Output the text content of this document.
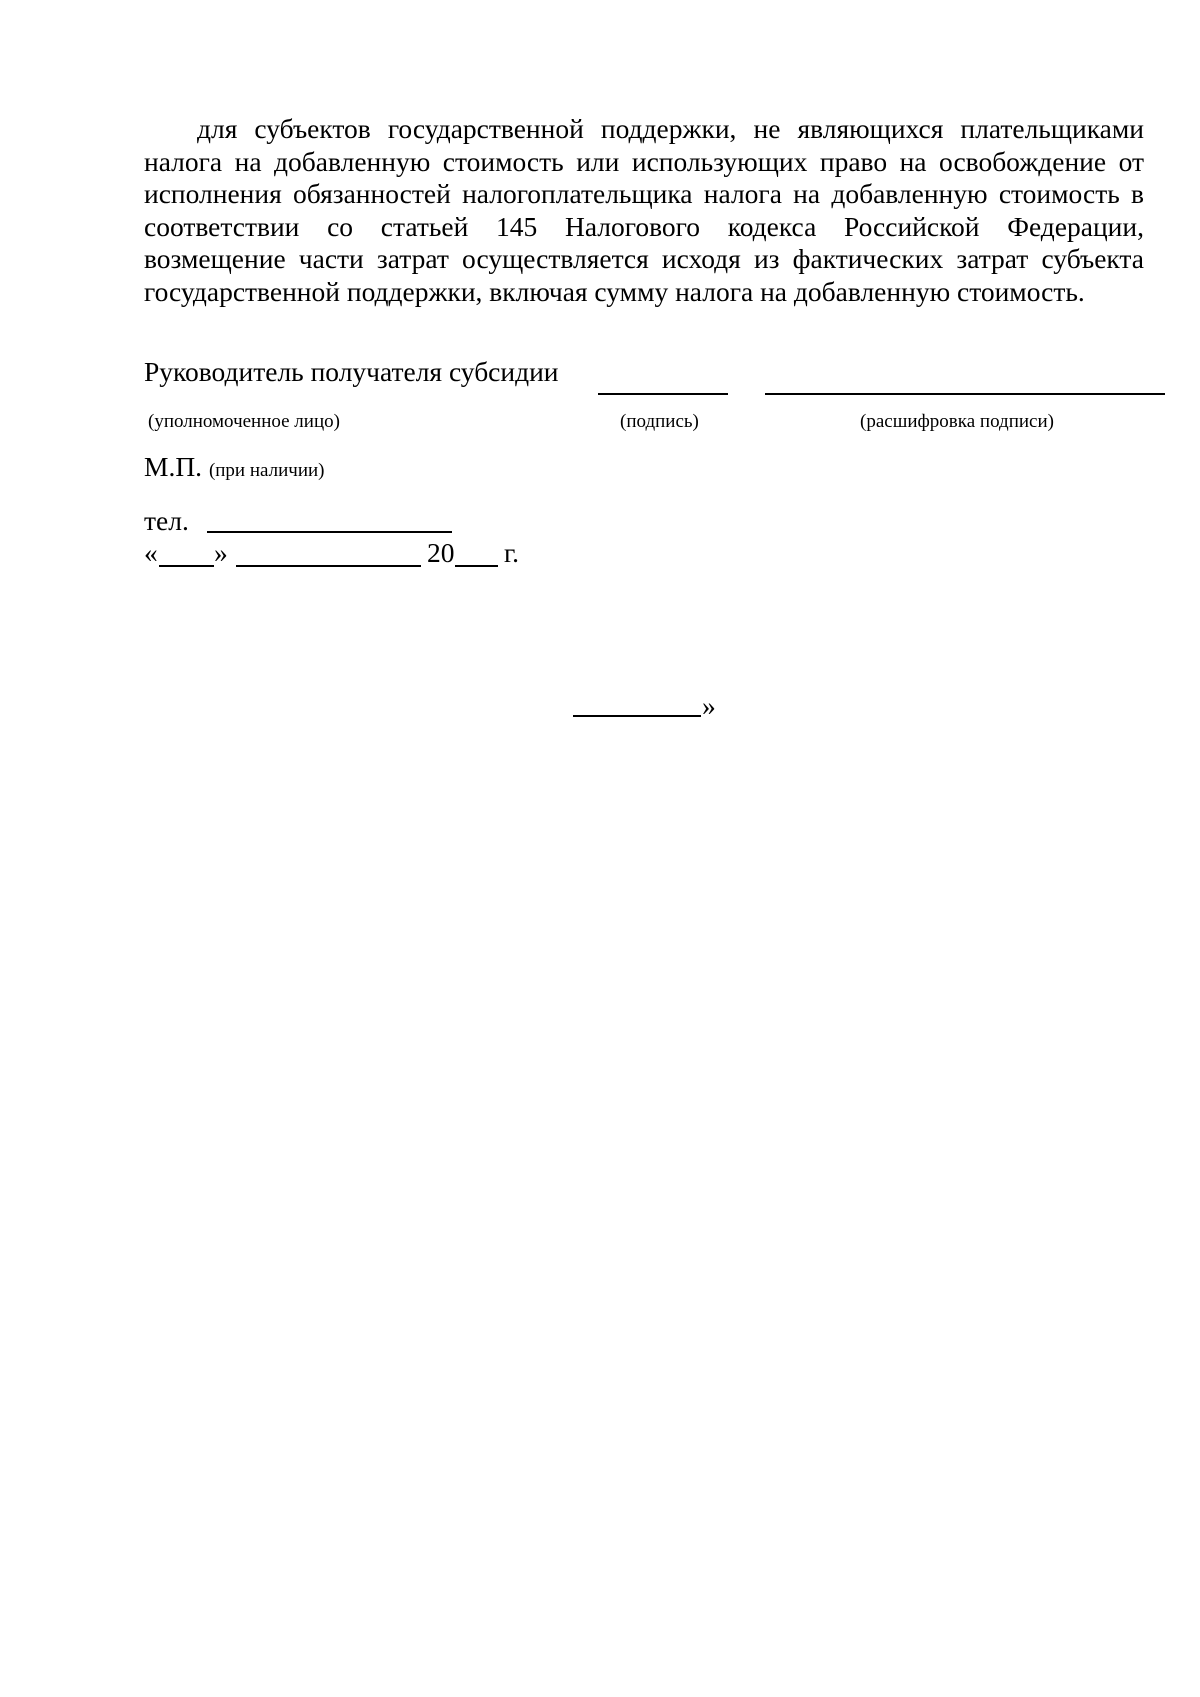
для субъектов государственной поддержки, не являющихся плательщиками налога на добавленную стоимость или использующих право на освобождение от исполнения обязанностей налогоплательщика налога на добавленную стоимость в соответствии со статьей 145 Налогового кодекса Российской Федерации, возмещение части затрат осуществляется исходя из фактических затрат субъекта государственной поддержки, включая сумму налога на добавленную стоимость.

Руководитель получателя субсидии
(уполномоченное лицо)	(подпись)	(расшифровка подписи)
М.П. (при наличии)
тел.
« »	20 г.
»
